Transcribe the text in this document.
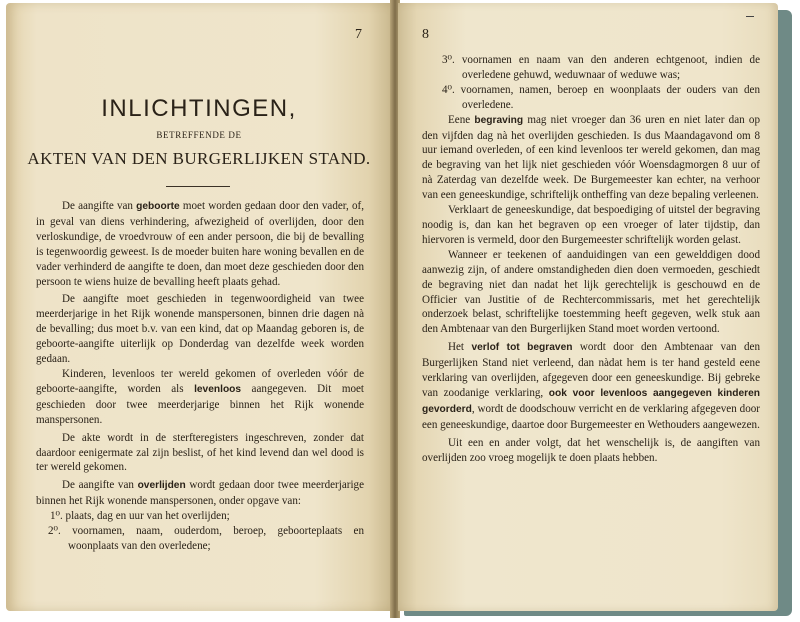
7
INLICHTINGEN,
BETREFFENDE DE
AKTEN VAN DEN BURGERLIJKEN STAND.

De aangifte van geboorte moet worden gedaan door den vader, of, in geval van diens verhindering, afwezigheid of overlijden, door den verloskundige, de vroedvrouw of een ander persoon, die bij de bevalling is tegenwoordig geweest. Is de moeder buiten hare woning bevallen en de vader verhinderd de aangifte te doen, dan moet deze geschieden door den persoon te wiens huize de bevalling heeft plaats gehad.

De aangifte moet geschieden in tegenwoordigheid van twee meerderjarige in het Rijk wonende manspersonen, binnen drie dagen nà de bevalling; dus moet b.v. van een kind, dat op Maandag geboren is, de geboorte-aangifte uiterlijk op Donderdag van dezelfde week worden gedaan.

Kinderen, levenloos ter wereld gekomen of overleden vóór de geboorte-aangifte, worden als levenloos aangegeven. Dit moet geschieden door twee meerderjarige binnen het Rijk wonende manspersonen.

De akte wordt in de sterfteregisters ingeschreven, zonder dat daardoor eenigermate zal zijn beslist, of het kind levend dan wel dood is ter wereld gekomen.

De aangifte van overlijden wordt gedaan door twee meerderjarige binnen het Rijk wonende manspersonen, onder opgave van:

1⁰. plaats, dag en uur van het overlijden;

2⁰. voornamen, naam, ouderdom, beroep, geboorteplaats en woonplaats van den overledene;

8

3⁰. voornamen en naam van den anderen echtgenoot, indien de overledene gehuwd, weduwnaar of weduwe was;

4⁰. voornamen, namen, beroep en woonplaats der ouders van den overledene.

Eene begraving mag niet vroeger dan 36 uren en niet later dan op den vijfden dag nà het overlijden geschieden. Is dus Maandagavond om 8 uur iemand overleden, of een kind levenloos ter wereld gekomen, dan mag de begraving van het lijk niet geschieden vóór Woensdagmorgen 8 uur of nà Zaterdag van dezelfde week. De Burgemeester kan echter, na verhoor van een geneeskundige, schriftelijk ontheffing van deze bepaling verleenen.

Verklaart de geneeskundige, dat bespoediging of uitstel der begraving noodig is, dan kan het begraven op een vroeger of later tijdstip, dan hiervoren is vermeld, door den Burgemeester schriftelijk worden gelast.

Wanneer er teekenen of aanduidingen van een gewelddigen dood aanwezig zijn, of andere omstandigheden dien doen vermoeden, geschiedt de begraving niet dan nadat het lijk gerechtelijk is geschouwd en de Officier van Justitie of de Rechtercommissaris, met het gerechtelijk onderzoek belast, schriftelijke toestemming heeft gegeven, welk stuk aan den Ambtenaar van den Burgerlijken Stand moet worden vertoond.

Het verlof tot begraven wordt door den Ambtenaar van den Burgerlijken Stand niet verleend, dan nàdat hem is ter hand gesteld eene verklaring van overlijden, afgegeven door een geneeskundige. Bij gebreke van zoodanige verklaring, ook voor levenloos aangegeven kinderen gevorderd, wordt de doodschouw verricht en de verklaring afgegeven door een geneeskundige, daartoe door Burgemeester en Wethouders aangewezen.

Uit een en ander volgt, dat het wenschelijk is, de aangiften van overlijden zoo vroeg mogelijk te doen plaats hebben.
